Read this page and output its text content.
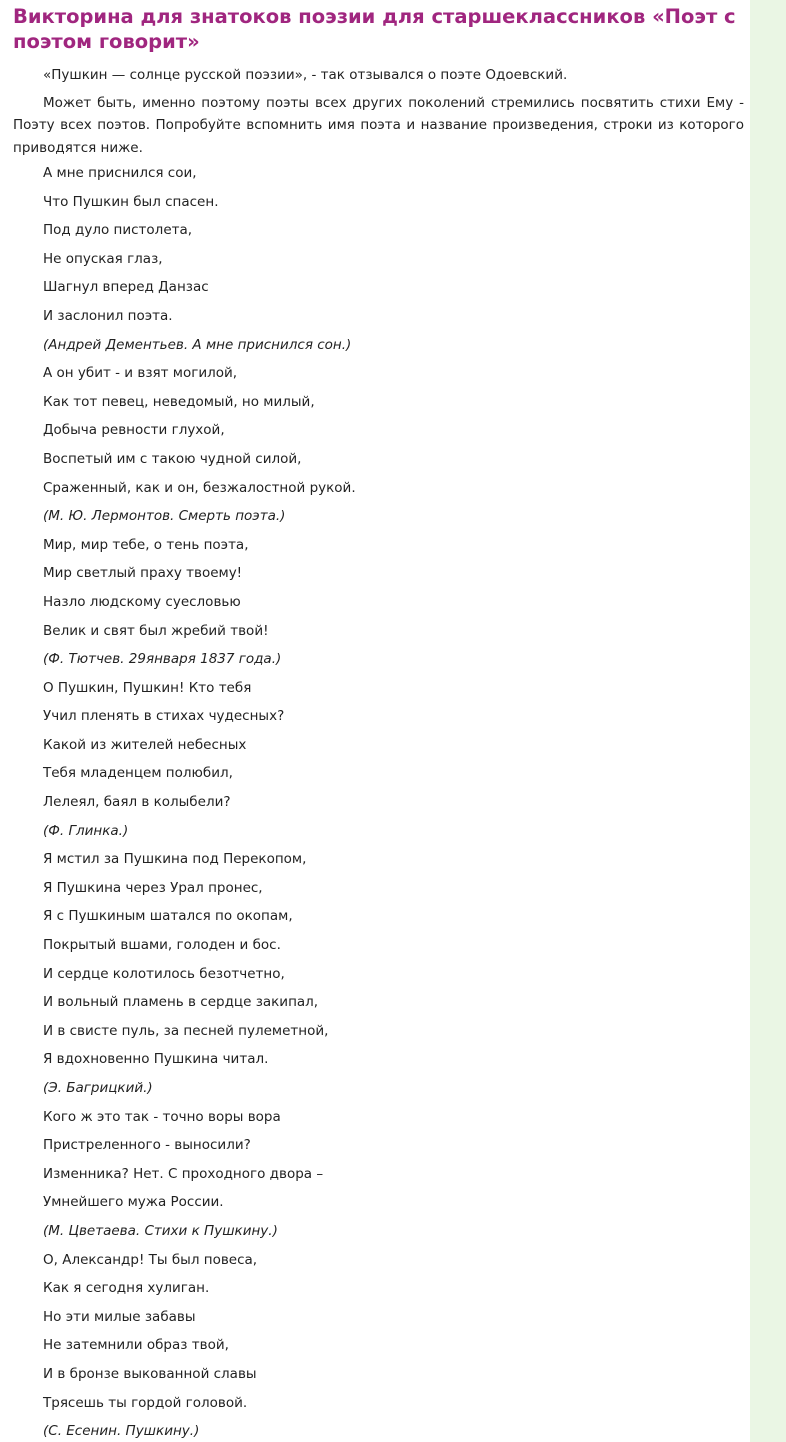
Викторина для знатоков поэзии для старшеклассников «Поэт с поэтом говорит»

«Пушкин — солнце русской поэзии», - так отзывался о поэте Одоевский.

Может быть, именно поэтому поэты всех других поколений стремились посвятить стихи Ему - Поэту всех поэтов. Попробуйте вспомнить имя поэта и название произведения, строки из которого приводятся ниже.

А мне приснился сои,
Что Пушкин был спасен.
Под дуло пистолета,
Не опуская глаз,
Шагнул вперед Данзас
И заслонил поэта.
(Андрей Дементьев. А мне приснился сон.)
А он убит - и взят могилой,
Как тот певец, неведомый, но милый,
Добыча ревности глухой,
Воспетый им с такою чудной силой,
Сраженный, как и он, безжалостной рукой.
(М. Ю. Лермонтов. Смерть поэта.)
Мир, мир тебе, о тень поэта,
Мир светлый праху твоему!
Назло людскому суесловью
Велик и свят был жребий твой!
(Ф. Тютчев. 29января 1837 года.)
О Пушкин, Пушкин! Кто тебя
Учил пленять в стихах чудесных?
Какой из жителей небесных
Тебя младенцем полюбил,
Лелеял, баял в колыбели?
(Ф. Глинка.)
Я мстил за Пушкина под Перекопом,
Я Пушкина через Урал пронес,
Я с Пушкиным шатался по окопам,
Покрытый вшами, голоден и бос.
И сердце колотилось безотчетно,
И вольный пламень в сердце закипал,
И в свисте пуль, за песней пулеметной,
Я вдохновенно Пушкина читал.
(Э. Багрицкий.)
Кого ж это так - точно воры вора
Пристреленного - выносили?
Изменника? Нет. С проходного двора –
Умнейшего мужа России.
(М. Цветаева. Стихи к Пушкину.)
О, Александр! Ты был повеса,
Как я сегодня хулиган.
Но эти милые забавы
Не затемнили образ твой,
И в бронзе выкованной славы
Трясешь ты гордой головой.
(С. Есенин. Пушкину.)
